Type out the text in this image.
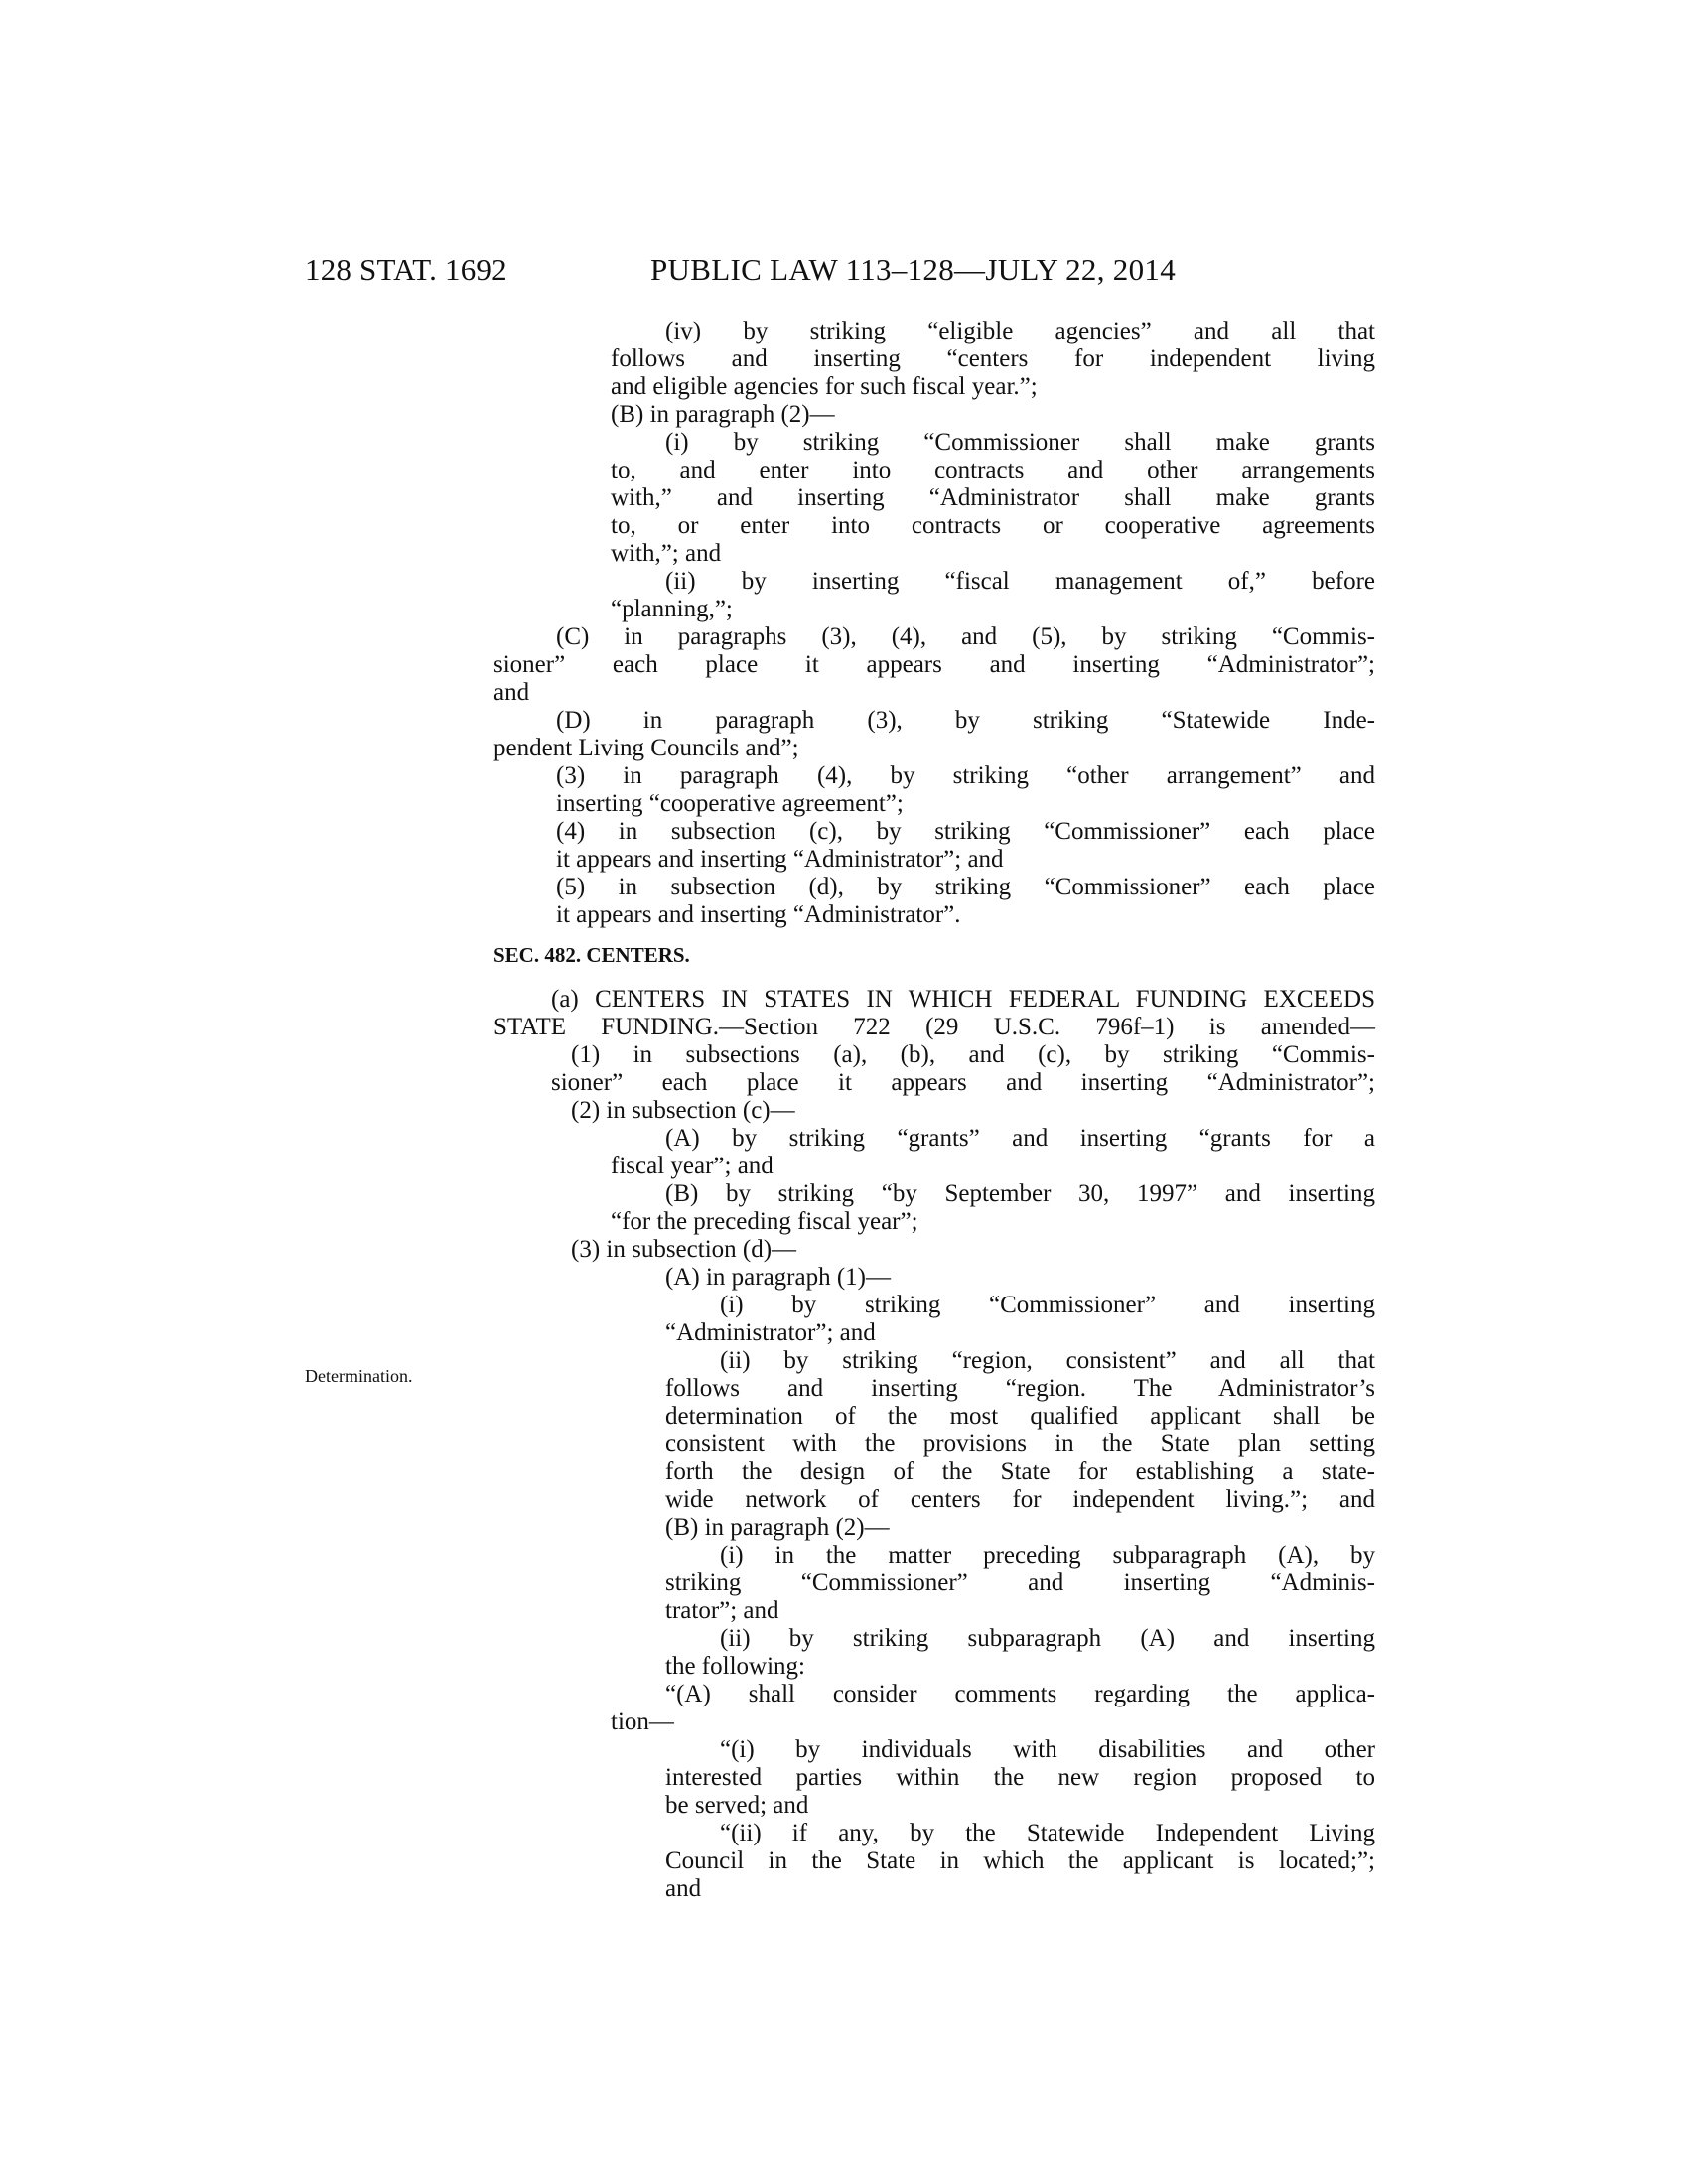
128 STAT. 1692	PUBLIC LAW 113–128—JULY 22, 2014
(iv) by striking “eligible agencies” and all that
follows and inserting “centers for independent living
and eligible agencies for such fiscal year.”;
(B) in paragraph (2)—
(i) by striking “Commissioner shall make grants
to, and enter into contracts and other arrangements
with,” and inserting “Administrator shall make grants
to, or enter into contracts or cooperative agreements
with,”; and
(ii) by inserting “fiscal management of,” before
“planning,”;
(C) in paragraphs (3), (4), and (5), by striking “Commis-
sioner” each place it appears and inserting “Administrator”;
and
(D) in paragraph (3), by striking “Statewide Inde-
pendent Living Councils and”;
(3) in paragraph (4), by striking “other arrangement” and
inserting “cooperative agreement”;
(4) in subsection (c), by striking “Commissioner” each place
it appears and inserting “Administrator”; and
(5) in subsection (d), by striking “Commissioner” each place
it appears and inserting “Administrator”.
SEC. 482. CENTERS.
(a) CENTERS IN STATES IN WHICH FEDERAL FUNDING EXCEEDS
STATE FUNDING.—Section 722 (29 U.S.C. 796f–1) is amended—
(1) in subsections (a), (b), and (c), by striking “Commis-
sioner” each place it appears and inserting “Administrator”;
(2) in subsection (c)—
(A) by striking “grants” and inserting “grants for a
fiscal year”; and
(B) by striking “by September 30, 1997” and inserting
“for the preceding fiscal year”;
(3) in subsection (d)—
(A) in paragraph (1)—
(i) by striking “Commissioner” and inserting
“Administrator”; and
(ii) by striking “region, consistent” and all that
Determination.	follows and inserting “region. The Administrator’s
determination of the most qualified applicant shall be
consistent with the provisions in the State plan setting
forth the design of the State for establishing a state-
wide network of centers for independent living.”; and
(B) in paragraph (2)—
(i) in the matter preceding subparagraph (A), by
striking “Commissioner” and inserting “Adminis-
trator”; and
(ii) by striking subparagraph (A) and inserting
the following:
“(A) shall consider comments regarding the applica-
tion—
“(i) by individuals with disabilities and other
interested parties within the new region proposed to
be served; and
“(ii) if any, by the Statewide Independent Living
Council in the State in which the applicant is located;”;
and
